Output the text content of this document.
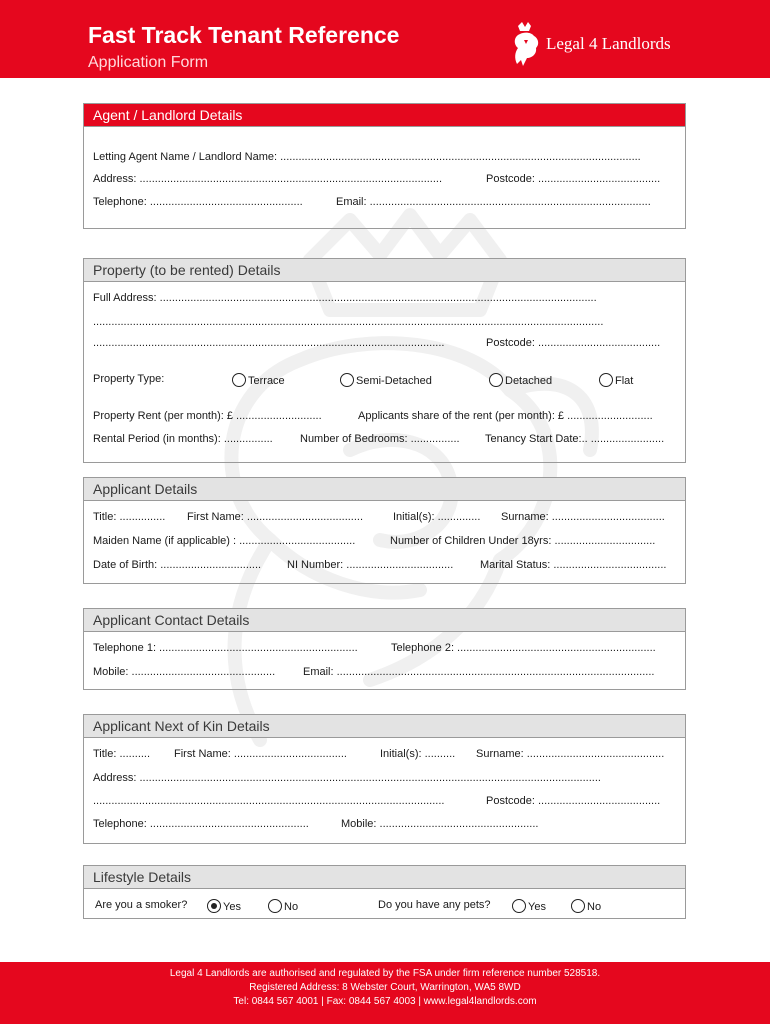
Fast Track Tenant Reference
Application Form
Legal 4 Landlords
Agent / Landlord Details
Letting Agent Name / Landlord Name: ......................................................................................................................
Address: ...................................................................................................	Postcode: ........................................
Telephone: ..................................................	Email: ............................................................................................
Property (to be rented) Details
Full Address: ...............................................................................................................................................
.......................................................................................................................................................................
...................................................................................................................	Postcode: ........................................
Property Type:	Terrace	Semi-Detached	Detached	Flat
Property Rent (per month): £ ............................	Applicants share of the rent (per month): £ ............................
Rental Period (in months): ................ Number of Bedrooms: ................ Tenancy Start Date:.. ........................
Applicant Details
Title: ............... First Name: ......................................	Initial(s): .............. Surname: .....................................
Maiden Name (if applicable) : ......................................	Number of Children Under 18yrs: .................................
Date of Birth: ................................. NI Number: ................................... Marital Status: .....................................
Applicant Contact Details
Telephone 1: .................................................................	Telephone 2: .................................................................
Mobile: ...............................................	Email: ........................................................................................................
Applicant Next of Kin Details
Title: .......... First Name: .....................................	Initial(s): .......... Surname: .............................................
Address: .......................................................................................................................................................
...................................................................................................................	Postcode: ........................................
Telephone: ....................................................	Mobile: ....................................................
Lifestyle Details
Are you a smoker?	Yes	No	Do you have any pets?	Yes	No
Legal 4 Landlords are authorised and regulated by the FSA under firm reference number 528518.
Registered Address: 8 Webster Court, Warrington, WA5 8WD
Tel: 0844 567 4001 | Fax: 0844 567 4003 | www.legal4landlords.com
